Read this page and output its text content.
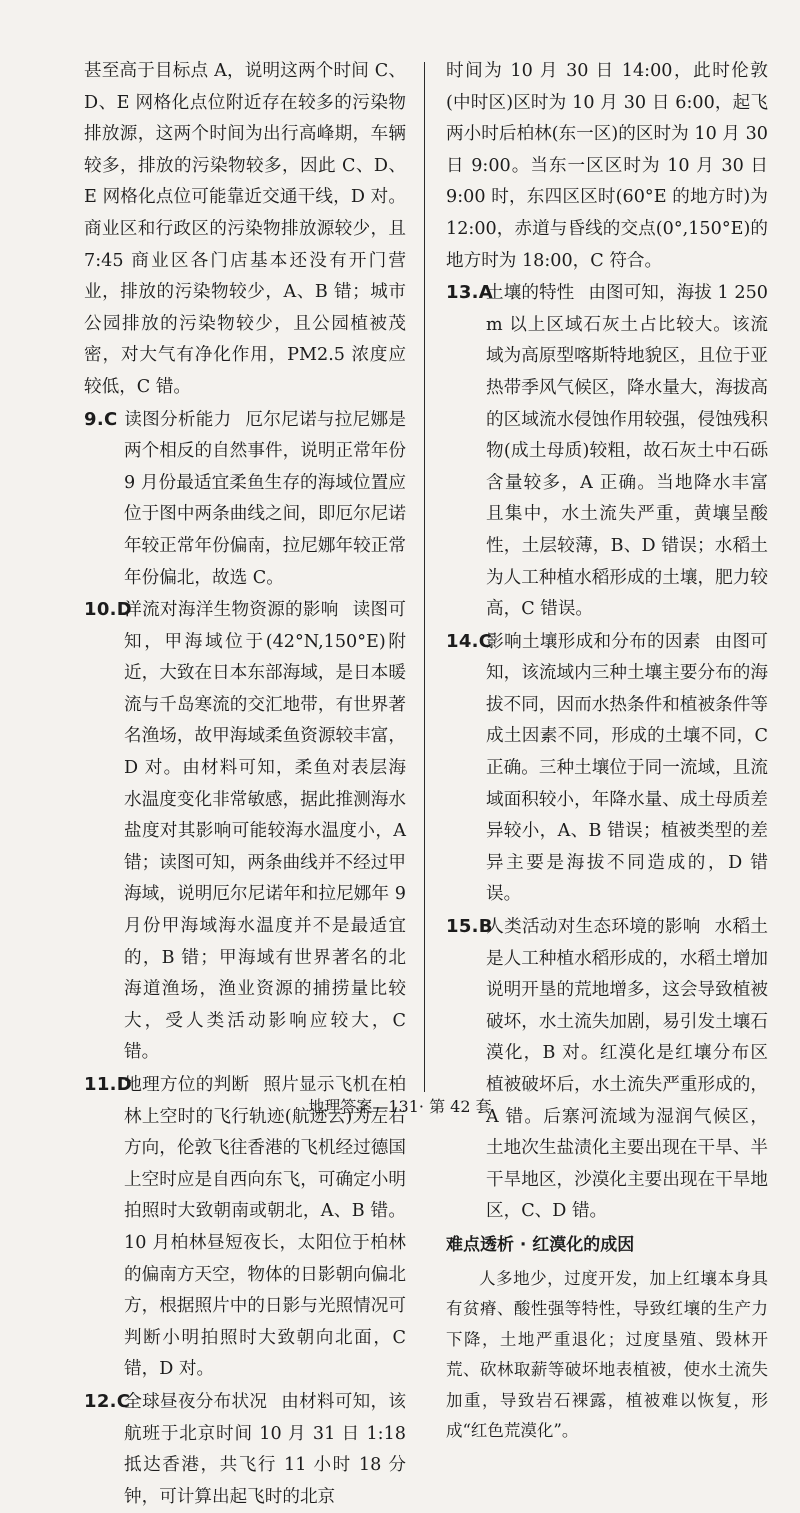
甚至高于目标点 A，说明这两个时间 C、D、E 网格化点位附近存在较多的污染物排放源，这两个时间为出行高峰期，车辆较多，排放的污染物较多，因此 C、D、E 网格化点位可能靠近交通干线，D 对。商业区和行政区的污染物排放源较少，且 7:45 商业区各门店基本还没有开门营业，排放的污染物较少，A、B 错；城市公园排放的污染物较少，且公园植被茂密，对大气有净化作用，PM2.5 浓度应较低，C 错。

9.C 读图分析能力 厄尔尼诺与拉尼娜是两个相反的自然事件，说明正常年份 9 月份最适宜柔鱼生存的海域位置应位于图中两条曲线之间，即厄尔尼诺年较正常年份偏南，拉尼娜年较正常年份偏北，故选 C。

10.D洋流对海洋生物资源的影响 读图可知，甲海域位于(42°N,150°E)附近，大致在日本东部海域，是日本暖流与千岛寒流的交汇地带，有世界著名渔场，故甲海域柔鱼资源较丰富，D 对。由材料可知，柔鱼对表层海水温度变化非常敏感，据此推测海水盐度对其影响可能较海水温度小，A 错；读图可知，两条曲线并不经过甲海域，说明厄尔尼诺年和拉尼娜年 9 月份甲海域海水温度并不是最适宜的，B 错；甲海域有世界著名的北海道渔场，渔业资源的捕捞量比较大，受人类活动影响应较大，C 错。

11.D地理方位的判断 照片显示飞机在柏林上空时的飞行轨迹(航迹云)为左右方向，伦敦飞往香港的飞机经过德国上空时应是自西向东飞，可确定小明拍照时大致朝南或朝北，A、B 错。10 月柏林昼短夜长，太阳位于柏林的偏南方天空，物体的日影朝向偏北方，根据照片中的日影与光照情况可判断小明拍照时大致朝向北面，C 错，D 对。

12.C全球昼夜分布状况 由材料可知，该航班于北京时间 10 月 31 日 1:18 抵达香港，共飞行 11 小时 18 分钟，可计算出起飞时的北京

时间为 10 月 30 日 14:00，此时伦敦(中时区)区时为 10 月 30 日 6:00，起飞两小时后柏林(东一区)的区时为 10 月 30 日 9:00。当东一区区时为 10 月 30 日 9:00 时，东四区区时(60°E 的地方时)为 12:00，赤道与昏线的交点(0°,150°E)的地方时为 18:00，C 符合。

13.A土壤的特性 由图可知，海拔 1 250 m 以上区域石灰土占比较大。该流域为高原型喀斯特地貌区，且位于亚热带季风气候区，降水量大，海拔高的区域流水侵蚀作用较强，侵蚀残积物(成土母质)较粗，故石灰土中石砾含量较多，A 正确。当地降水丰富且集中，水土流失严重，黄壤呈酸性，土层较薄，B、D 错误；水稻土为人工种植水稻形成的土壤，肥力较高，C 错误。

14.C影响土壤形成和分布的因素 由图可知，该流域内三种土壤主要分布的海拔不同，因而水热条件和植被条件等成土因素不同，形成的土壤不同，C 正确。三种土壤位于同一流域，且流域面积较小，年降水量、成土母质差异较小，A、B 错误；植被类型的差异主要是海拔不同造成的，D 错误。

15.B人类活动对生态环境的影响 水稻土是人工种植水稻形成的，水稻土增加说明开垦的荒地增多，这会导致植被破坏，水土流失加剧，易引发土壤石漠化，B 对。红漠化是红壤分布区植被破坏后，水土流失严重形成的，A 错。后寨河流域为湿润气候区，土地次生盐渍化主要出现在干旱、半干旱地区，沙漠化主要出现在干旱地区，C、D 错。

难点透析 · 红漠化的成因

人多地少，过度开发，加上红壤本身具有贫瘠、酸性强等特性，导致红壤的生产力下降，土地严重退化；过度垦殖、毁林开荒、砍林取薪等破坏地表植被，使水土流失加重，导致岩石裸露，植被难以恢复，形成“红色荒漠化”。

地理答案—131· 第 42 套
